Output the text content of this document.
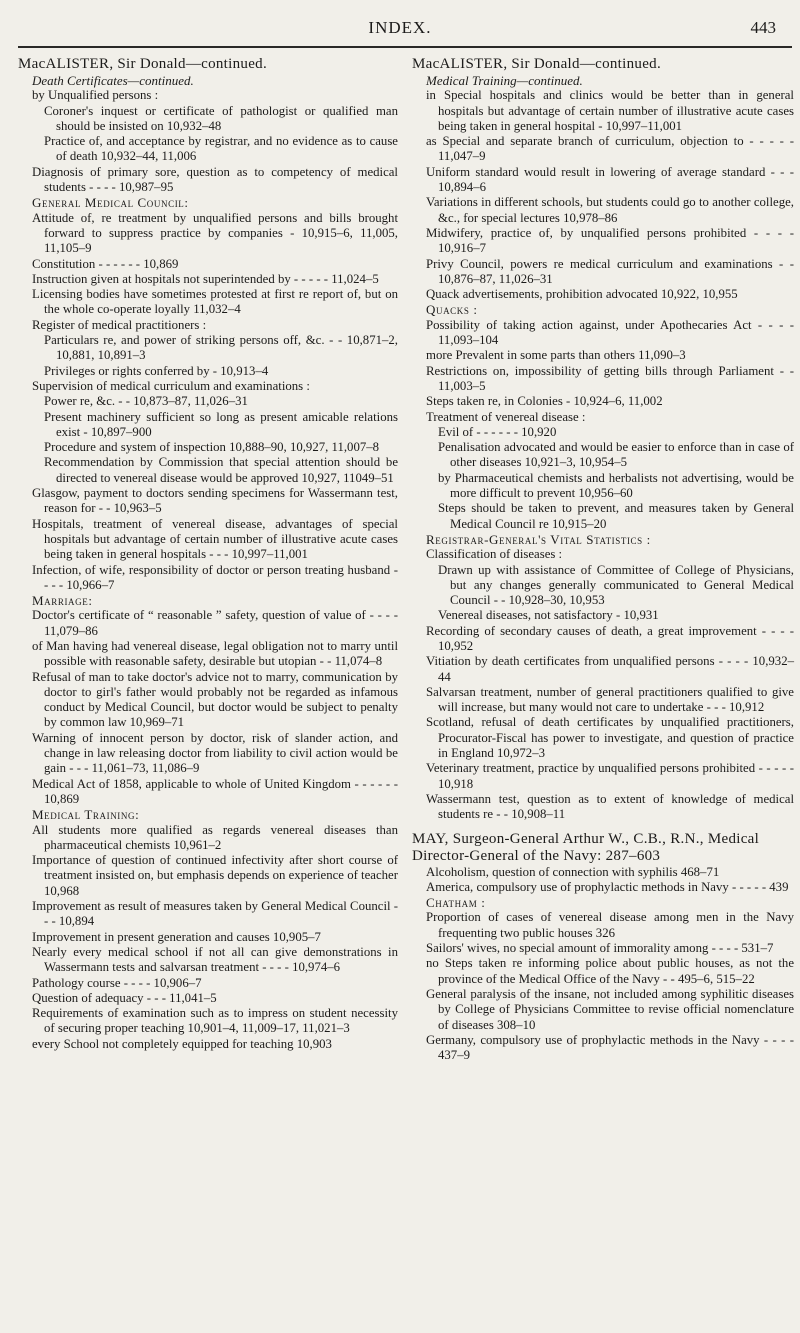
INDEX.	443
MacALISTER, Sir Donald—continued.
Death Certificates—continued.

by Unqualified persons :

Coroner's inquest or certificate of pathologist or qualified man should be insisted on 10,932–48

Practice of, and acceptance by registrar, and no evidence as to cause of death 10,932–44, 11,006

Diagnosis of primary sore, question as to competency of medical students - - - - 10,987–95

General Medical Council:

Attitude of, re treatment by unqualified persons and bills brought forward to suppress practice by companies - 10,915–6, 11,005, 11,105–9

Constitution - - - - - - 10,869

Instruction given at hospitals not superintended by - - - - - 11,024–5

Licensing bodies have sometimes protested at first re report of, but on the whole co-operate loyally 11,032–4

Register of medical practitioners :

Particulars re, and power of striking persons off, &c. - - 10,871–2, 10,881, 10,891–3

Privileges or rights conferred by - 10,913–4

Supervision of medical curriculum and examinations :

Power re, &c. - - 10,873–87, 11,026–31

Present machinery sufficient so long as present amicable relations exist - 10,897–900

Procedure and system of inspection 10,888–90, 10,927, 11,007–8

Recommendation by Commission that special attention should be directed to venereal disease would be approved 10,927, 11049–51

Glasgow, payment to doctors sending specimens for Wassermann test, reason for - - 10,963–5

Hospitals, treatment of venereal disease, advantages of special hospitals but advantage of certain number of illustrative acute cases being taken in general hospitals - - - 10,997–11,001

Infection, of wife, responsibility of doctor or person treating husband - - - - 10,966–7

Marriage:

Doctor's certificate of “ reasonable ” safety, question of value of - - - - 11,079–86

of Man having had venereal disease, legal obligation not to marry until possible with reasonable safety, desirable but utopian - - 11,074–8

Refusal of man to take doctor's advice not to marry, communication by doctor to girl's father would probably not be regarded as infamous conduct by Medical Council, but doctor would be subject to penalty by common law 10,969–71

Warning of innocent person by doctor, risk of slander action, and change in law releasing doctor from liability to civil action would be gain - - - 11,061–73, 11,086–9

Medical Act of 1858, applicable to whole of United Kingdom - - - - - - 10,869

Medical Training:

All students more qualified as regards venereal diseases than pharmaceutical chemists 10,961–2

Importance of question of continued infectivity after short course of treatment insisted on, but emphasis depends on experience of teacher 10,968

Improvement as result of measures taken by General Medical Council - - - 10,894

Improvement in present generation and causes 10,905–7

Nearly every medical school if not all can give demonstrations in Wassermann tests and salvarsan treatment - - - - 10,974–6

Pathology course - - - - 10,906–7

Question of adequacy - - - 11,041–5

Requirements of examination such as to impress on student necessity of securing proper teaching 10,901–4, 11,009–17, 11,021–3

every School not completely equipped for teaching 10,903

MacALISTER, Sir Donald—continued.
Medical Training—continued.

in Special hospitals and clinics would be better than in general hospitals but advantage of certain number of illustrative acute cases being taken in general hospital - 10,997–11,001

as Special and separate branch of curriculum, objection to - - - - - 11,047–9

Uniform standard would result in lowering of average standard - - - 10,894–6

Variations in different schools, but students could go to another college, &c., for special lectures 10,978–86

Midwifery, practice of, by unqualified persons prohibited - - - - 10,916–7

Privy Council, powers re medical curriculum and examinations - - 10,876–87, 11,026–31

Quack advertisements, prohibition advocated 10,922, 10,955

Quacks :

Possibility of taking action against, under Apothecaries Act - - - - 11,093–104

more Prevalent in some parts than others 11,090–3

Restrictions on, impossibility of getting bills through Parliament - - 11,003–5

Steps taken re, in Colonies - 10,924–6, 11,002

Treatment of venereal disease :

Evil of - - - - - - 10,920

Penalisation advocated and would be easier to enforce than in case of other diseases 10,921–3, 10,954–5

by Pharmaceutical chemists and herbalists not advertising, would be more difficult to prevent 10,956–60

Steps should be taken to prevent, and measures taken by General Medical Council re 10,915–20

Registrar-General's Vital Statistics :

Classification of diseases :

Drawn up with assistance of Committee of College of Physicians, but any changes generally communicated to General Medical Council - - 10,928–30, 10,953

Venereal diseases, not satisfactory - 10,931

Recording of secondary causes of death, a great improvement - - - - 10,952

Vitiation by death certificates from unqualified persons - - - - 10,932–44

Salvarsan treatment, number of general practitioners qualified to give will increase, but many would not care to undertake - - - 10,912

Scotland, refusal of death certificates by unqualified practitioners, Procurator-Fiscal has power to investigate, and question of practice in England 10,972–3

Veterinary treatment, practice by unqualified persons prohibited - - - - - 10,918

Wassermann test, question as to extent of knowledge of medical students re - - 10,908–11

MAY, Surgeon-General Arthur W., C.B., R.N., Medical Director-General of the Navy: 287–603

Alcoholism, question of connection with syphilis 468–71

America, compulsory use of prophylactic methods in Navy - - - - - 439

Chatham :

Proportion of cases of venereal disease among men in the Navy frequenting two public houses 326

Sailors' wives, no special amount of immorality among - - - - 531–7

no Steps taken re informing police about public houses, as not the province of the Medical Office of the Navy - - 495–6, 515–22

General paralysis of the insane, not included among syphilitic diseases by College of Physicians Committee to revise official nomenclature of diseases 308–10

Germany, compulsory use of prophylactic methods in the Navy - - - - 437–9
